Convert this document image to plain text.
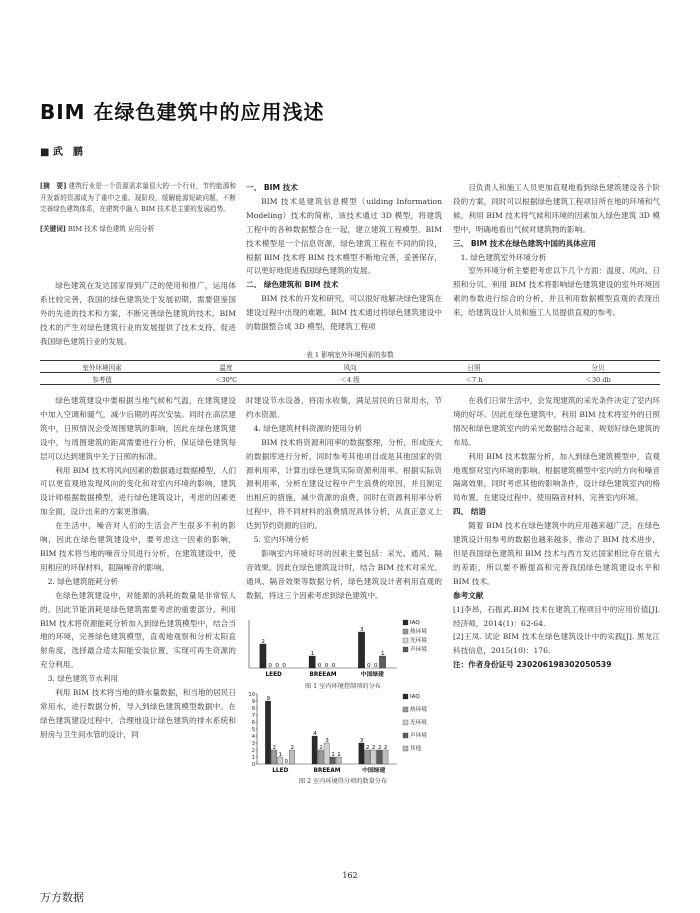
BIM 在绿色建筑中的应用浅述
■ 武　鹏

[摘　要] 建筑行业是一个资源需求量很大的一个行业，节约能源和开发新的资源成为了重中之重。现阶段，缓解能源短缺问题，不断完善绿色建筑体系，在建筑中融入 BIM 技术是主要的发展趋势。

[关键词] BIM 技术 绿色建筑 应用分析

绿色建筑在发达国家得到广泛的使用和推广，运用体系比较完善，我国的绿色建筑处于发展初期，需要借鉴国外的先进的技术和方案，不断完善绿色建筑的技术。BIM 技术的产生对绿色建筑行业的发展提供了技术支持，促进我国绿色建筑行业的发展。

一、 BIM 技术

BIM 技术是建筑信息模型（uilding Information Modeling）技术的简称，该技术通过 3D 模型，将建筑工程中的各种数据整合在一起，建立建筑工程模型。BIM 技术模型是一个信息资源，绿色建筑工程在不同的阶段，根据 BIM 技术将 BIM 技术模型不断地完善，妥善保存，可以更好地促进我国绿色建筑的发展。

二、 绿色建筑和 BIM 技术

BIM 技术的开发和研究，可以很好地解决绿色建筑在建设过程中出现的难题，BIM 技术通过将绿色建筑建设中的数据整合成 3D 模型，使建筑工程项

目负责人和施工人员更加直观地看到绿色建筑建设各个阶段的方案，同时可以根据绿色建筑工程项目所在地的环境和气候，利用 BIM 技术将气候和环境的因素加入绿色建筑 3D 模型中，明确地看出气候对建筑物的影响。

三、 BIM 技术在绿色建筑中国的具体应用

1. 绿色建筑室外环境分析

室外环境分析主要把考虑以下几个方面：温度、风向、日照和分贝。利用 BIM 技术将影响绿色建筑建设的室外环境因素的参数进行综合的分析，并且利用数据模型直观的表现出来，给建筑设计人员和施工人员提供直观的参考。

表 1 影响室外环境因素的参数
室外环境因素	温度	风向	日照	分贝
参考值	＜30℃	＜4 级	＜7 h	＜30 db

绿色建筑建设中要根据当地气候和气温，在建筑建设中加入空调和暖气，减少后期的再次安装。同时在高层建筑中，日照情况会受周围建筑的影响，因此在绿色建筑建设中，与周围建筑的距离需要进行分析，保证绿色建筑每层可以达到建筑中关于日照的标准。

利用 BIM 技术将风向因素的数据通过数据模型，人们可以更直观地发现风向的变化和对室内环境的影响，建筑设计师根据数据模型，进行绿色建筑设计，考虑的因素更加全面，设计出来的方案更准确。

在生活中，噪音对人们的生活会产生很多不利的影响，因此在绿色建筑建设中，要考虑这一因素的影响，BIM 技术将当地的噪音分贝进行分析，在建筑建设中，使用相应的环保材料，阻隔噪音的影响。

2. 绿色建筑能耗分析

在绿色建筑建设中，对能源的消耗的数量是非常惊人的，因此节能消耗是绿色建筑需要考虑的重要部分。利用 BIM 技术将资源能耗分析加入到绿色建筑模型中，结合当地的环境，完善绿色建筑模型，直观地观察和分析太阳直射角度，选择最合适太阳能安装位置，实现可再生资源的充分利用。

3. 绿色建筑节水利用

利用 BIM 技术将当地的降水量数据，和当地的居民日常用水，进行数据分析，导入到绿色建筑模型数据中。在绿色建筑建设过程中，合理地设计绿色建筑的排水系统和厨房与卫生间水管的设计，同

时建设节水设备，将雨水收集，满足居民的日常用水，节约水资源。

4. 绿色建筑材料资源的使用分析

BIM 技术将资源利用率的数据整理，分析，形成庞大的数据库进行分析，同时参考其他项目或是其他国家的资源利用率，计算出绿色建筑实际资源利用率。根据实际资源利用率，分析在建设过程中产生浪费的原因，并且制定出相应的措施，减少资源的浪费，同时在资源利用率分析过程中，将不同材料的浪费情况具体分析，从真正意义上达到节约资源的目的。

5. 室内环境分析

影响室内环境好坏的因素主要包括：采光、通风、隔音效果。因此在绿色建筑设计时，结合 BIM 技术对采光、通风、隔音效果等数据分析，绿色建筑设计者利用直观的数据，将这三个因素考虑到绿色建筑中。

2
0 0 0
LEED
1
0 0 0
BREEAM
3
0 0
1
中国绿建
IAQ
热环境
光环境
声环境
图 1 室内环境控制项的分布
0
1
2
3
4
5
6
7
8
9
10
9
2
1
0
2
LLED
4
2
3
1 1
BREEAM
3
2 2 2 2
中国绿建
IAQ
热环境
光环境
声环境
其他
图 2 室内环境得分项的数量分布

在我们日常生活中，会发现建筑的采光条件决定了室内环境的好坏。因此在绿色建筑中，利用 BIM 技术将室外的日照情况和绿色建筑室内的采光数据结合起来，规划好绿色建筑的布局。

利用 BIM 技术数据分析，加入到绿色建筑模型中，直观地观察对室内环境的影响。根据建筑模型中室内的方向和噪音隔离效果，同时考虑其他的影响条件，设计绿色建筑室内的格局布置，在建设过程中，使用隔音材料，完善室内环境。

四、 结语

随着 BIM 技术在绿色建筑中的应用越来越广泛，在绿色建筑设计用参考的数据也越来越多，推动了 BIM 技术进步，但是我国绿色建筑和 BIM 技术与西方发达国家相比存在很大的差距，所以要不断提高和完善我国绿色建筑建设水平和 BIM 技术。

参考文献

[1]李昂，石振武.BIM 技术在建筑工程项目中的应用价值[J]. 经济师，2014(1)：62-64.

[2]王凤. 试论 BIM 技术在绿色建筑设计中的实践[J]. 黑龙江科技信息，2015(10)：176.

注：作者身份证号 230206198302050539

162
万方数据
